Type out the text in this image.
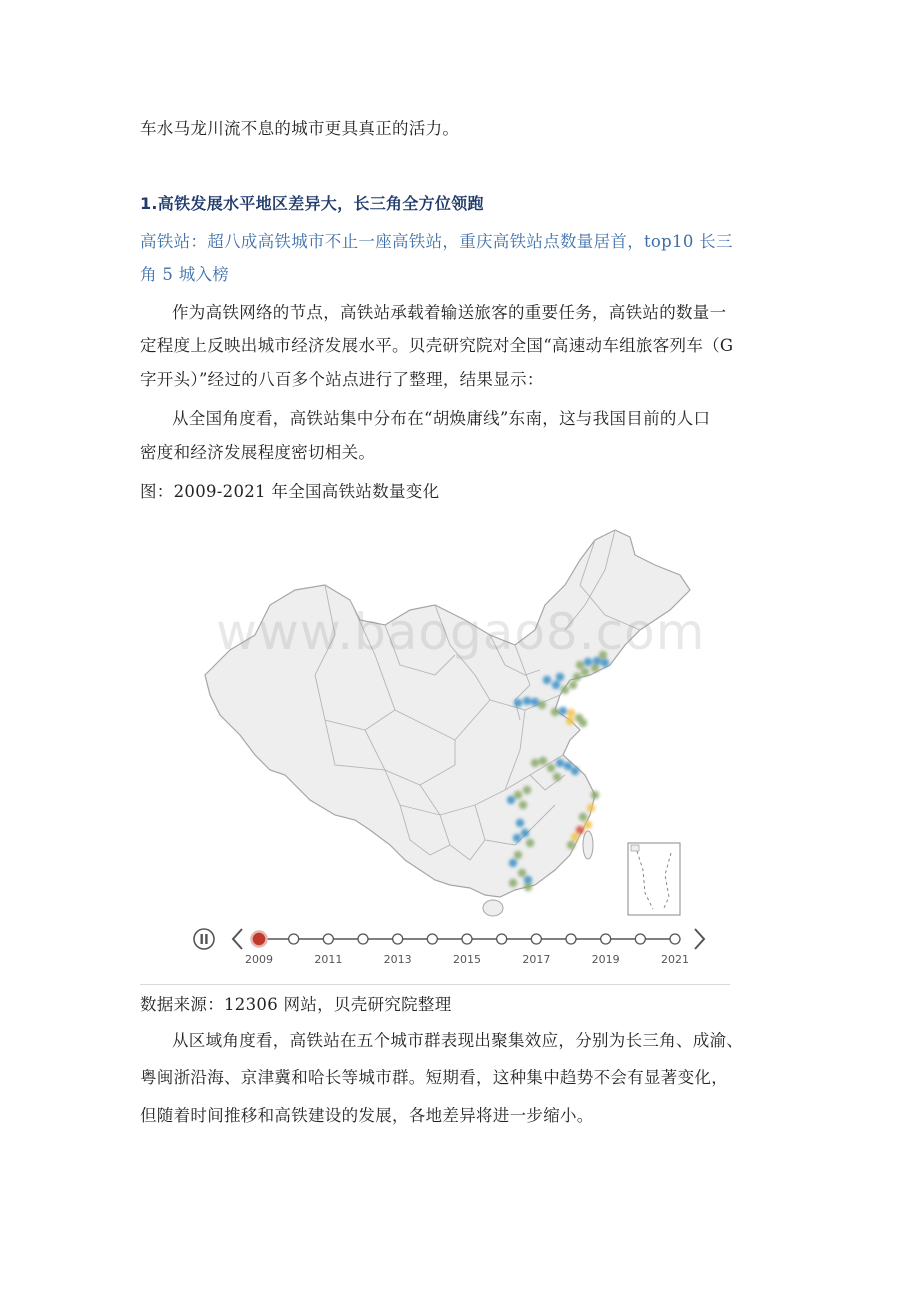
车水马龙川流不息的城市更具真正的活力。
1.高铁发展水平地区差异大，长三角全方位领跑
高铁站：超八成高铁城市不止一座高铁站，重庆高铁站点数量居首，top10 长三
角 5 城入榜
作为高铁网络的节点，高铁站承载着输送旅客的重要任务，高铁站的数量一
定程度上反映出城市经济发展水平。贝壳研究院对全国“高速动车组旅客列车（G
字开头）”经过的八百多个站点进行了整理，结果显示：
从全国角度看，高铁站集中分布在“胡焕庸线”东南，这与我国目前的人口
密度和经济发展程度密切相关。
图：2009-2021 年全国高铁站数量变化
2009	2011	2013	2015	2017	2019	2021
www.baogao8.com
数据来源：12306 网站，贝壳研究院整理
从区域角度看，高铁站在五个城市群表现出聚集效应，分别为长三角、成渝、
粤闽浙沿海、京津冀和哈长等城市群。短期看，这种集中趋势不会有显著变化，
但随着时间推移和高铁建设的发展，各地差异将进一步缩小。
